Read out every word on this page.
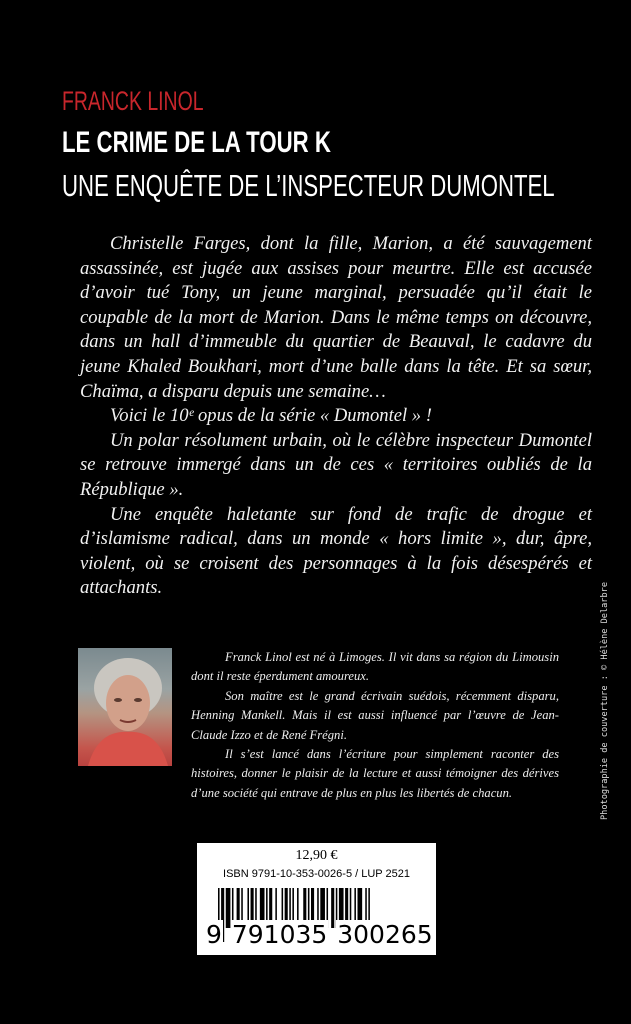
FRANCK LINOL
LE CRIME DE LA TOUR K
UNE ENQUÊTE DE L’INSPECTEUR DUMONTEL

Christelle Farges, dont la fille, Marion, a été sauvagement assassinée, est jugée aux assises pour meurtre. Elle est accusée d’avoir tué Tony, un jeune marginal, persuadée qu’il était le coupable de la mort de Marion. Dans le même temps on découvre, dans un hall d’immeuble du quartier de Beauval, le cadavre du jeune Khaled Boukhari, mort d’une balle dans la tête. Et sa sœur, Chaïma, a disparu depuis une semaine…

Voici le 10ᵉ opus de la série « Dumontel » !

Un polar résolument urbain, où le célèbre inspecteur Dumontel se retrouve immergé dans un de ces « territoires oubliés de la République ».

Une enquête haletante sur fond de trafic de drogue et d’islamisme radical, dans un monde « hors limite », dur, âpre, violent, où se croisent des personnages à la fois désespérés et attachants.

Franck Linol est né à Limoges. Il vit dans sa région du Limousin dont il reste éperdument amoureux.

Son maître est le grand écrivain suédois, récemment disparu, Henning Mankell. Mais il est aussi influencé par l’œuvre de Jean-Claude Izzo et de René Frégni.

Il s’est lancé dans l’écriture pour simplement raconter des histoires, donner le plaisir de la lecture et aussi témoigner des dérives d’une société qui entrave de plus en plus les libertés de chacun.

12,90 €
ISBN 9791-10-353-0026-5 / LUP 2521
9 791035 300265
Photographie de couverture : © Hélène Delarbre
